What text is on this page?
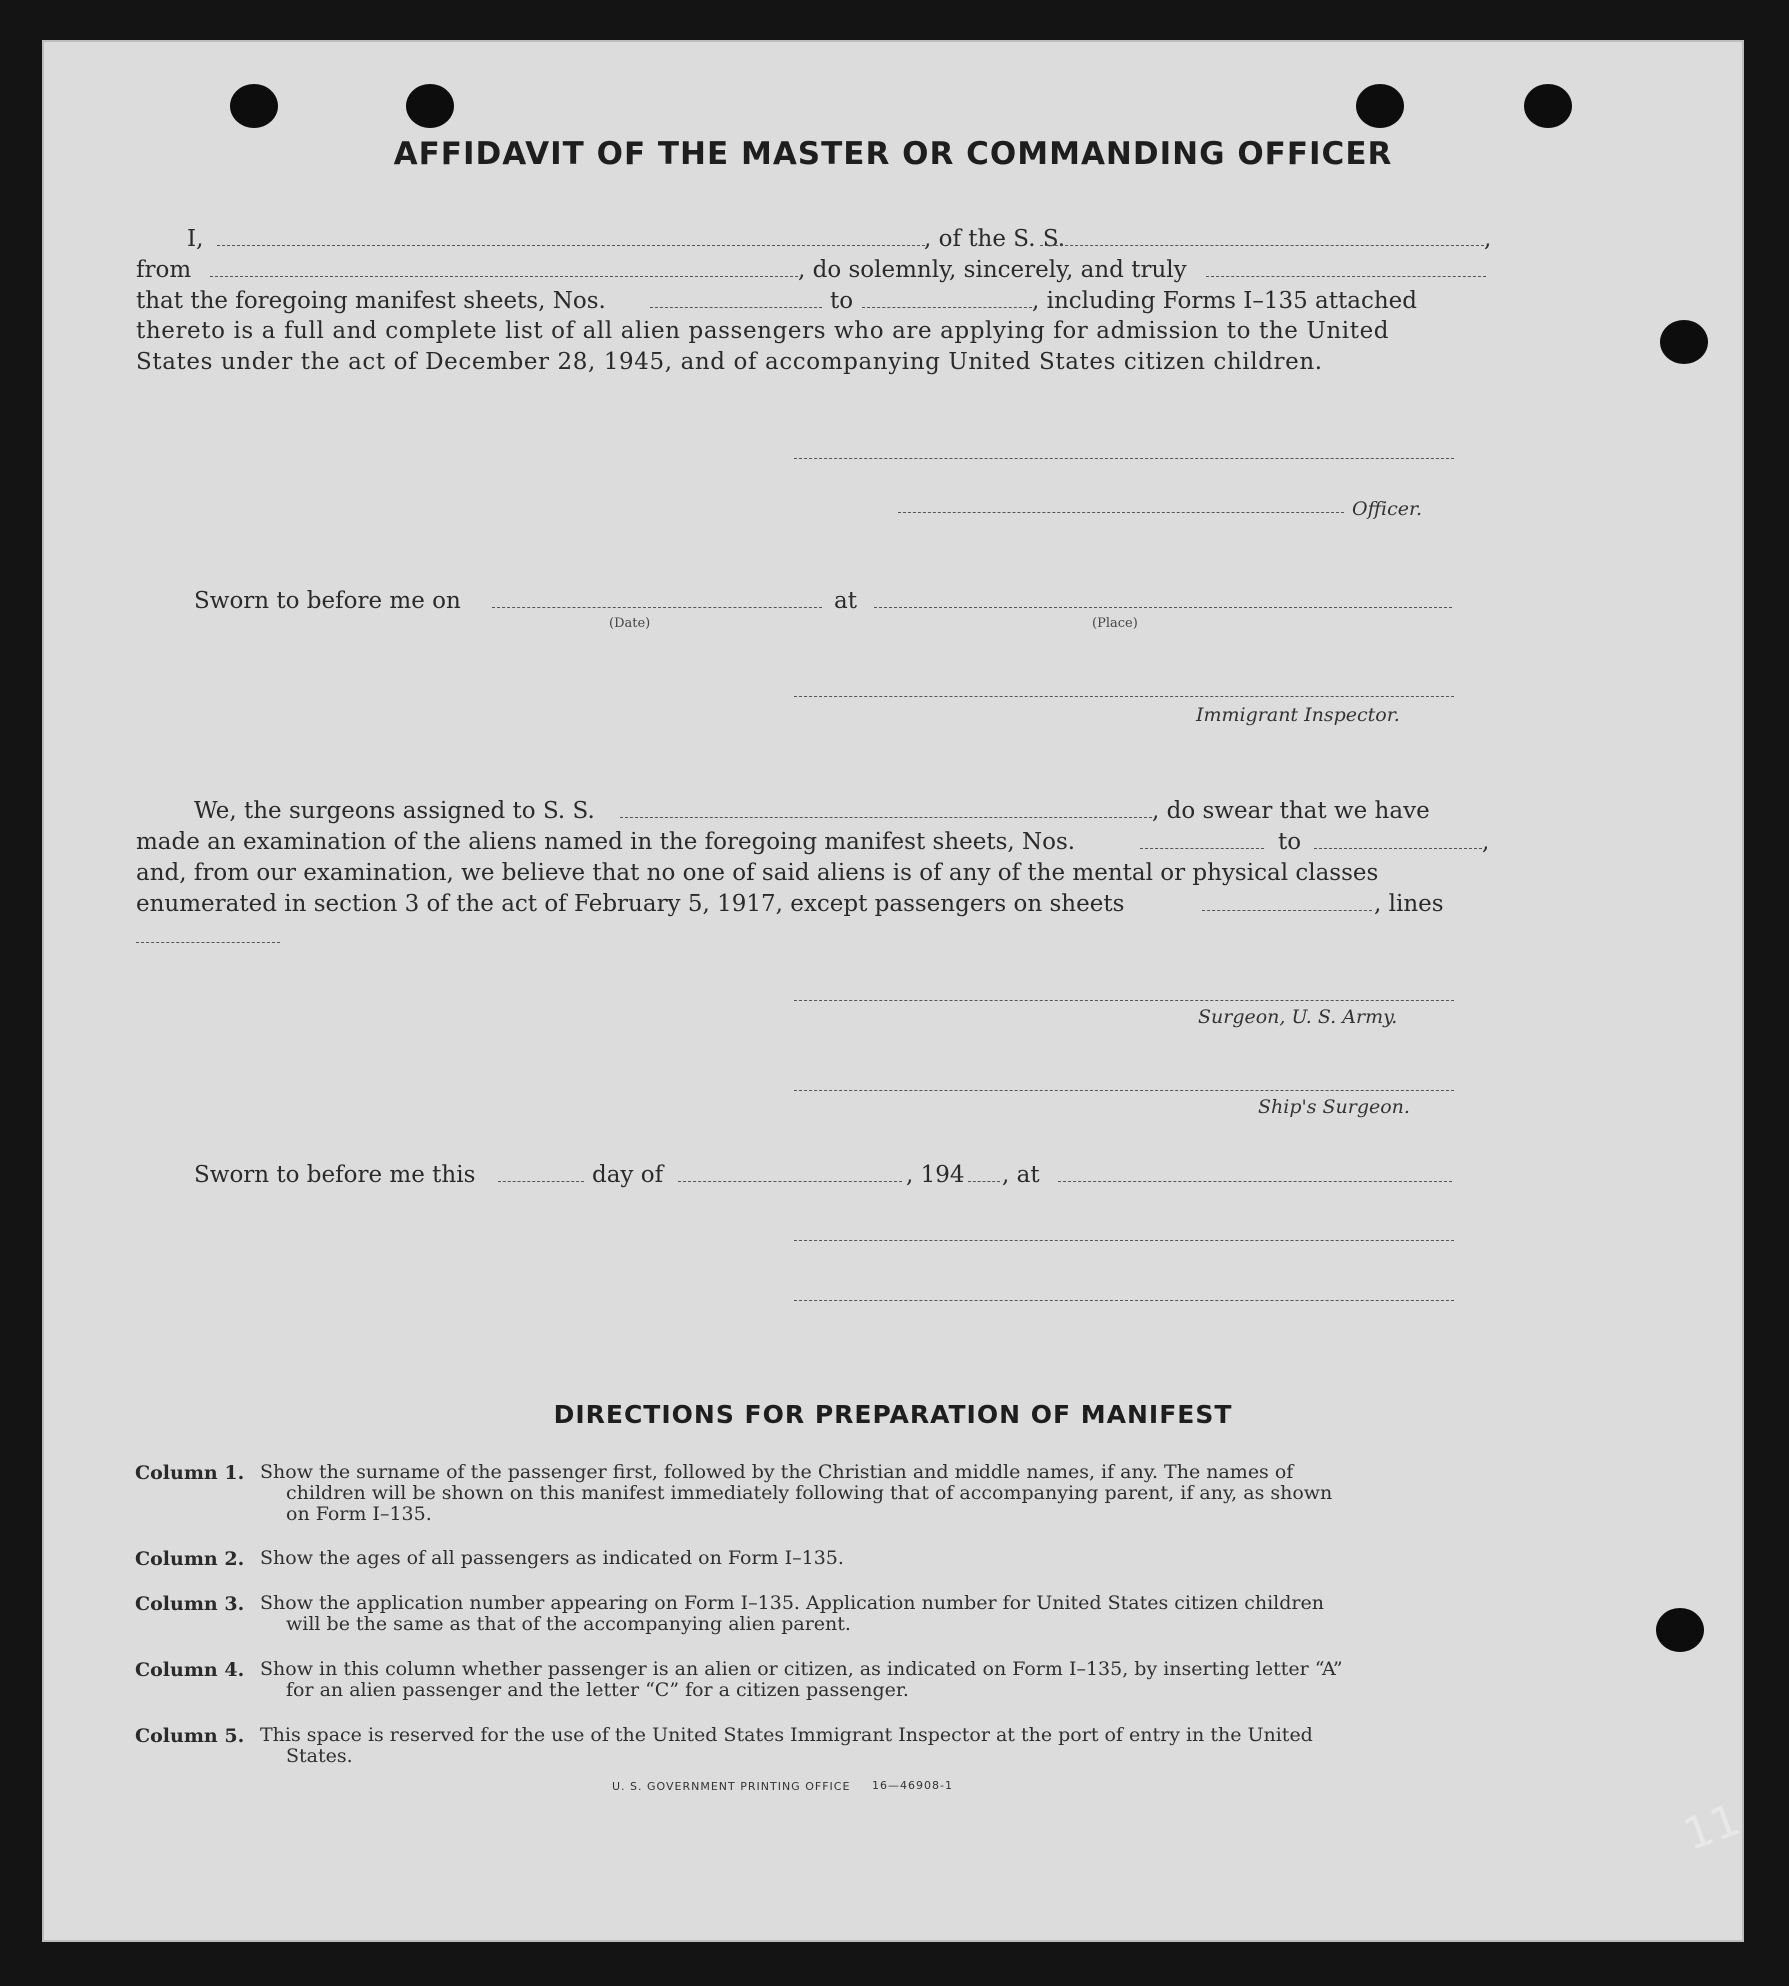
AFFIDAVIT OF THE MASTER OR COMMANDING OFFICER
I,	, of the S. S.	,
from	, do solemnly, sincerely, and truly
that the foregoing manifest sheets, Nos.	to	, including Forms I–135 attached
thereto is a full and complete list of all alien passengers who are applying for admission to the United
States under the act of December 28, 1945, and of accompanying United States citizen children.
Officer.
Sworn to before me on
(Date)
at
(Place)
Immigrant Inspector.
We, the surgeons assigned to S. S.	, do swear that we have
made an examination of the aliens named in the foregoing manifest sheets, Nos.	to	,
and, from our examination, we believe that no one of said aliens is of any of the mental or physical classes
enumerated in section 3 of the act of February 5, 1917, except passengers on sheets	, lines
Surgeon, U. S. Army.
Ship's Surgeon.
Sworn to before me this	day of	, 194 , at
DIRECTIONS FOR PREPARATION OF MANIFEST
Column 1. Show the surname of the passenger first, followed by the Christian and middle names, if any. The names of
children will be shown on this manifest immediately following that of accompanying parent, if any, as shown
on Form I–135.
Column 2. Show the ages of all passengers as indicated on Form I–135.
Column 3. Show the application number appearing on Form I–135. Application number for United States citizen children
will be the same as that of the accompanying alien parent.
Column 4. Show in this column whether passenger is an alien or citizen, as indicated on Form I–135, by inserting letter “A”
for an alien passenger and the letter “C” for a citizen passenger.
Column 5. This space is reserved for the use of the United States Immigrant Inspector at the port of entry in the United
States.
U. S. GOVERNMENT PRINTING OFFICE 16—46908-1
11
